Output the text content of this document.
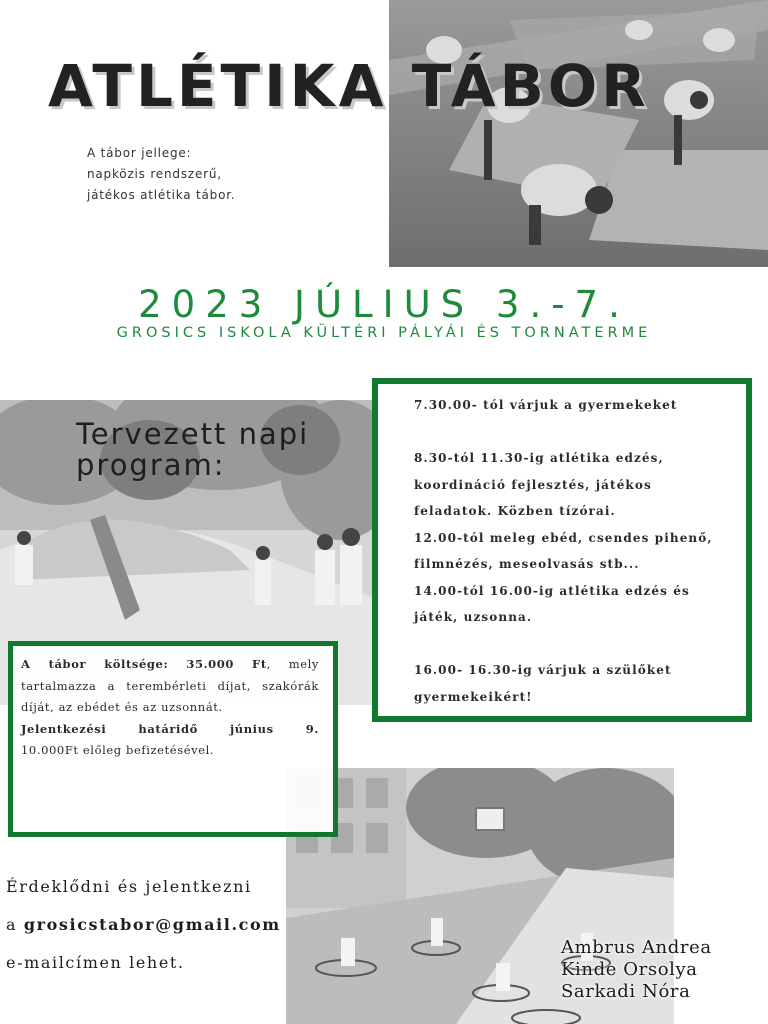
ATLÉTIKA TÁBOR
A tábor jellege:
napközis rendszerű,
játékos atlétika tábor.
2023 JÚLIUS 3.-7.
GROSICS ISKOLA KÜLTÉRI PÁLYÁI ÉS TORNATERME
Tervezett napi
program:

7.30.00- tól várjuk a gyermekeket

8.30-tól 11.30-ig atlétika edzés, koordináció fejlesztés, játékos feladatok. Közben tízórai.

12.00-tól meleg ebéd, csendes pihenő, filmnézés, meseolvasás stb...

14.00-tól 16.00-ig atlétika edzés és játék, uzsonna.

16.00- 16.30-ig várjuk a szülőket gyermekeikért!

A tábor költsége: 35.000 Ft, mely tartalmazza a terembérleti díjat, szakórák díját, az ebédet és az uzsonnát.

Jelentkezési határidő június 9.

10.000Ft előleg befizetésével.

Érdeklődni és jelentkezni
a grosicstabor@gmail.com
e-mailcímen lehet.
Ambrus Andrea
Kinde Orsolya
Sarkadi Nóra
